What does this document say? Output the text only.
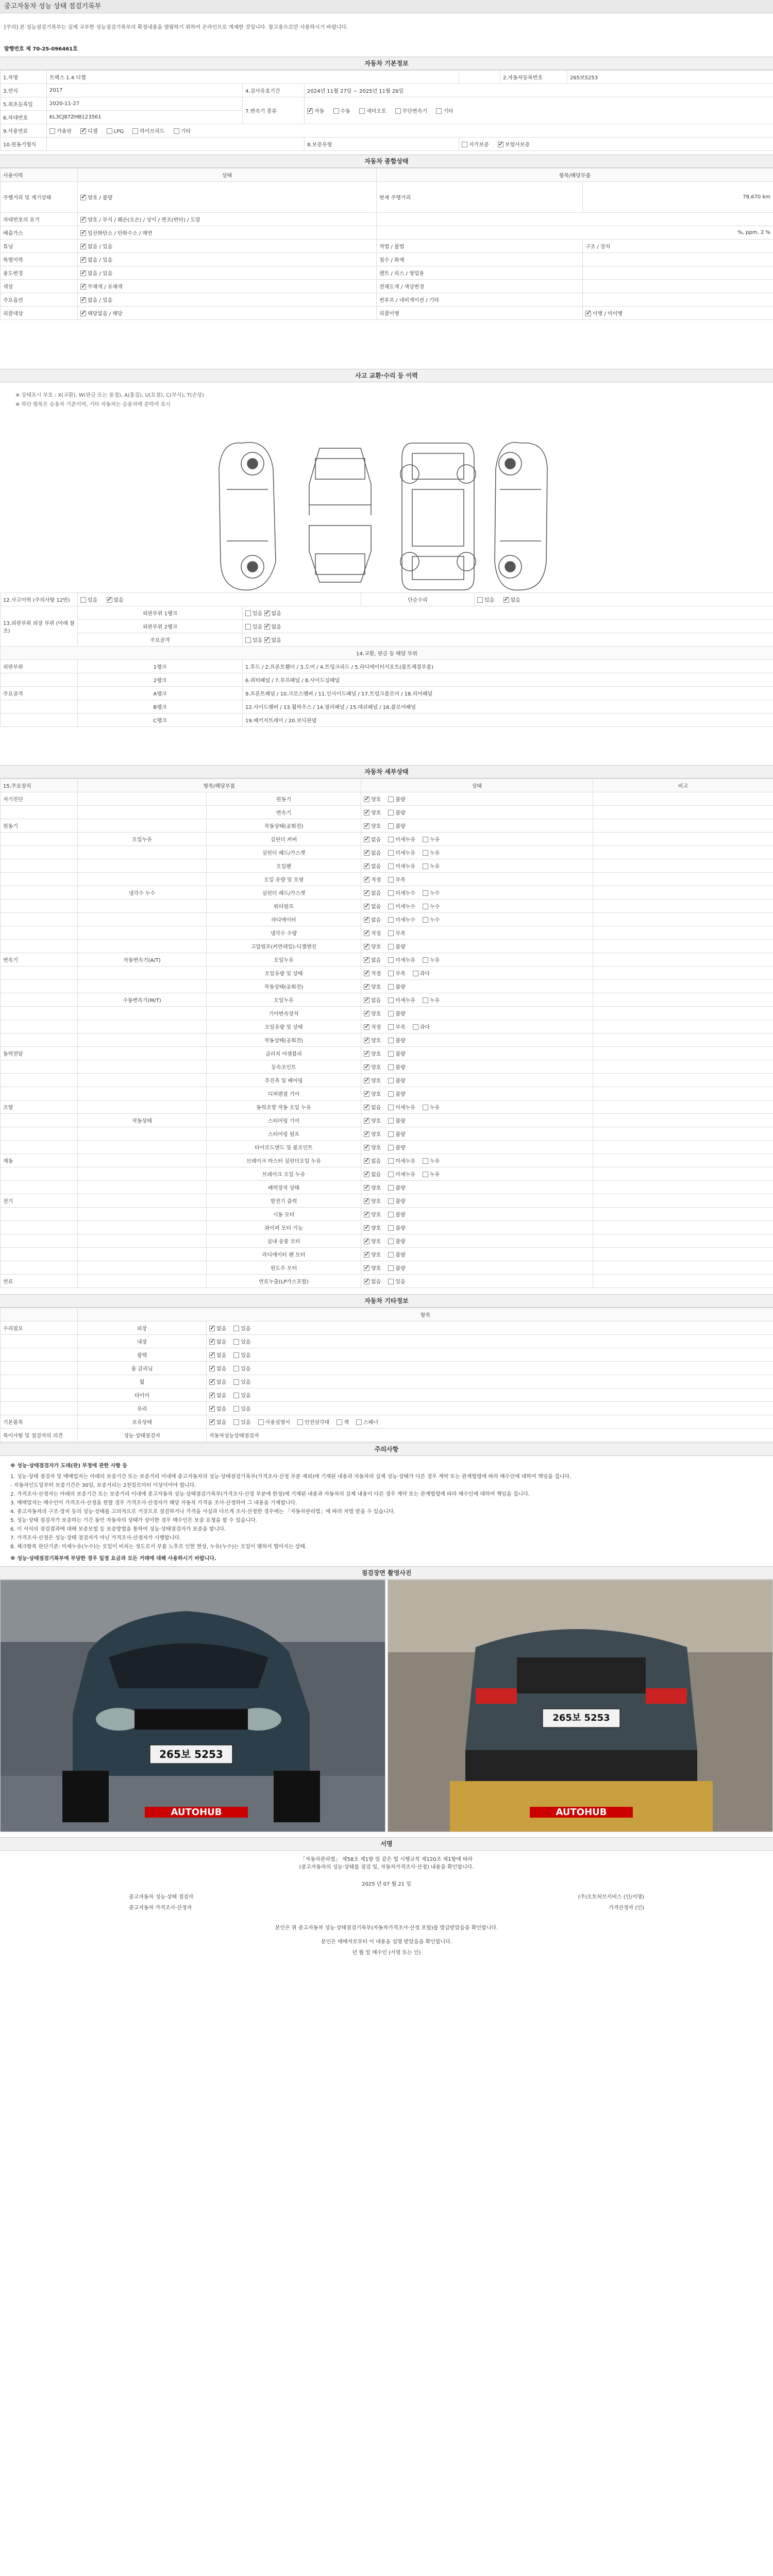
중고자동차 성능 상태 점검기록부
[주의] 본 성능점검기록부는 실제 교부한 성능점검기록부의 확정내용을 열람하기 위하여 온라인으로 게재한 것입니다. 참고용으로만 사용하시기 바랍니다.
발행번호 제 70-25-096461호
자동차 기본정보
1.차명	트랙스 1.4 디젤			ㅤ	2.자동차등록번호	265보5253
3.연식	2017	4.검사유효기간	2024년 11월 27일 ~ 2025년 11월 26일			
5.최초등록일	2020-11-27	7.변속기 종류	✓자동 수동 세미오토 무단변속기 기타
6.차대번호	KL3CJ87ZHB123561					
9.사용연료	가솔린 ✓ 디젤 LPG 하이브리드 기타
10.원동기형식			8.보증유형	자가보증 ✓ 보험사보증
자동차 종합상태
사용이력	상태	항목/해당부품	
주행거리 및 계기상태	✓양호 / 불량	현재 주행거리	78,670 km
차대번호의 표기	✓양호 / 부식 / 훼손(오손) / 상이 / 변조(변타) / 도말	
배출가스	✓일산화탄소 / 탄화수소 / 매연	%, ppm, 2 %	
튜닝	✓없음 / 있음	적법 / 불법	구조 / 장치
특별이력	✓없음 / 있음	침수 / 화재	
용도변경	✓없음 / 있음	렌트 / 리스 / 영업용	
색상	✓무채색 / 유채색	전체도색 / 색상변경	
주요옵션	✓없음 / 있음	썬루프 / 네비게이션 / 기타	
리콜대상	✓해당없음 / 해당	리콜이행	✓이행 / 미이행
사고 교환·수리 등 이력
※ 상태표시 부호 : X(교환), W(판금 또는 용접), A(흠집), U(요철), C(부식), T(손상)
※ 하단 항목은 승용차 기준이며, 기타 자동차는 승용차에 준하여 표시
12.사고이력 (주의사항 12번)	있음 ✓ 없음		단순수리	있음 ✓ 없음
13.외판부위 외장 부위 (아래 참조)	외판부위 1랭크	있음 ✓ 없음
	외판부위 2랭크	있음 ✓ 없음
	주요골격	있음 ✓ 없음
14.교환, 판금 등 해당 부위				
외판부위	1랭크	1.후드 / 2.프론트휀더 / 3.도어 / 4.트렁크리드 / 5.라디에이터서포트(볼트체결부품)		
	2랭크	6.쿼터패널 / 7.루프패널 / 8.사이드실패널		
주요골격	A랭크	9.프론트패널 / 10.크로스멤버 / 11.인사이드패널 / 17.트렁크플로어 / 18.리어패널		
	B랭크	12.사이드멤버 / 13.휠하우스 / 14.필러패널 / 15.대쉬패널 / 16.플로어패널		
	C랭크	19.패키지트레이 / 20.보디판넬		
자동차 세부상태
15.주요장치	항목/해당부품		상태	비고
자기진단		원동기	✓양호 불량	
		변속기	✓양호 불량	
원동기		작동상태(공회전)	✓양호 불량	
	오일누유	실린더 커버	✓없음 미세누유 누유	
		실린더 헤드/가스켓	✓없음 미세누유 누유	
		오일팬	✓없음 미세누유 누유	
		오일 유량 및 오염	✓적정 부족	
	냉각수 누수	실린더 헤드/가스켓	✓없음 미세누수 누수	
		워터펌프	✓없음 미세누수 누수	
		라디에이터	✓없음 미세누수 누수	
		냉각수 수량	✓적정 부족	
		고압펌프(커먼레일)-디젤엔진	✓양호 불량	
변속기	자동변속기(A/T)	오일누유	✓없음 미세누유 누유	
		오일유량 및 상태	✓적정 부족 과다	
		작동상태(공회전)	✓양호 불량	
	수동변속기(M/T)	오일누유	✓없음 미세누유 누유	
		기어변속장치	✓양호 불량	
		오일유량 및 상태	✓적정 부족 과다	
		작동상태(공회전)	✓양호 불량	
동력전달		클러치 어셈블리	✓양호 불량	
		등속조인트	✓양호 불량	
		추진축 및 베어링	✓양호 불량	
		디퍼렌셜 기어	✓양호 불량	
조향		동력조향 작동 오일 누유	✓없음 미세누유 누유	
	작동상태	스티어링 기어	✓양호 불량	
		스티어링 펌프	✓양호 불량	
		타이로드엔드 및 볼조인트	✓양호 불량	
제동		브레이크 마스터 실린더오일 누유	✓없음 미세누유 누유	
		브레이크 오일 누유	✓없음 미세누유 누유	
		배력장치 상태	✓양호 불량	
전기		발전기 출력	✓양호 불량	
		시동 모터	✓양호 불량	
		와이퍼 모터 기능	✓양호 불량	
		실내 송풍 모터	✓양호 불량	
		라디에이터 팬 모터	✓양호 불량	
		윈도우 모터	✓양호 불량	
연료		연료누출(LP가스포함)	✓없음 있음	
자동차 기타정보
	항목	
수리필요	외장	✓없음 있음
	내장	✓없음 있음
	광택	✓없음 있음
	룸 클리닝	✓없음 있음
	휠	✓없음 있음
	타이어	✓없음 있음
	유리	✓없음 있음
기본품목	보유상태	✓없음 있음 사용설명서 안전삼각대 잭 스패너
특이사항 및 점검자의 의견	성능·상태점검자	자동차성능상태점검자
주의사항
※ 성능·상태점검자가 도래(판) 부정에 관한 사항 등
1. 성능·상태 점검자 및 매매업자는 아래의 보증기간 또는 보증거리 이내에 중고자동차의 성능·상태점검기록부(가격조사·산정 부분 제외)에 기재된 내용과 자동차의 실제 성능·상태가 다른 경우 계약 또는 관계법령에 따라 매수인에 대하여 책임을 집니다.
- 자동차인도일부터 보증기간은 30일, 보증거리는 2천킬로미터 이상이어야 합니다.
2. 가격조사·산정자는 아래의 보증기간 또는 보증거리 이내에 중고자동차 성능·상태점검기록부(가격조사·산정 부분에 한정)에 기재된 내용과 자동차의 실제 내용이 다른 경우 계약 또는 관계법령에 따라 매수인에 대하여 책임을 집니다.
3. 매매업자는 매수인이 가격조사·산정을 원할 경우 가격조사·산정자가 해당 자동차 가격을 조사·산정하여 그 내용을 기재합니다.
4. 중고자동차의 구조·장치 등의 성능·상태를 고의적으로 거짓으로 점검하거나 가격을 사실과 다르게 조사·산정한 경우에는 「자동차관리법」에 따라 처벌 받을 수 있습니다.
5. 성능·상태 점검자가 보증하는 기간 동안 자동차의 상태가 상이한 경우 매수인은 보증 요청을 할 수 있습니다.
6. 이 서식의 점검결과에 대해 보증보험 등 보증방법을 통하여 성능·상태점검자가 보증을 합니다.
7. 가격조사·산정은 성능·상태 점검자가 아닌 가격조사·산정자가 시행합니다.
8. 체크항목 판단기준: 미세누유(누수)는 오일이 비치는 정도로서 부품 노후로 인한 현상, 누유(누수)는 오일이 맺혀서 떨어지는 상태.
※ 성능·상태점검기록부에 부당한 경우 일정 요금과 모든 거래에 대해 사용하시기 바랍니다.
점검장면 촬영사진
265보 5253
AUTOHUB
265보 5253
AUTOHUB
서명
「자동차관리법」 제58조 제1항 및 같은 법 시행규칙 제120조 제1항에 따라
(중고자동차의 성능·상태를 점검 및, 자동차가격조사·산정) 내용을 확인합니다.
2025 년 07 월 21 일
중고자동차 성능·상태 점검자	(주)오토허브서비스 (인/서명)
중고자동차 가격조사·산정자	가격산정자 (인)
본인은 위 중고자동차 성능·상태점검기록부(자동차가격조사·산정 포함)를 발급받았음을 확인합니다.
본인은 매매자로부터 이 내용을 설명 받았음을 확인합니다.
년 월 일 매수인 (서명 또는 인)
